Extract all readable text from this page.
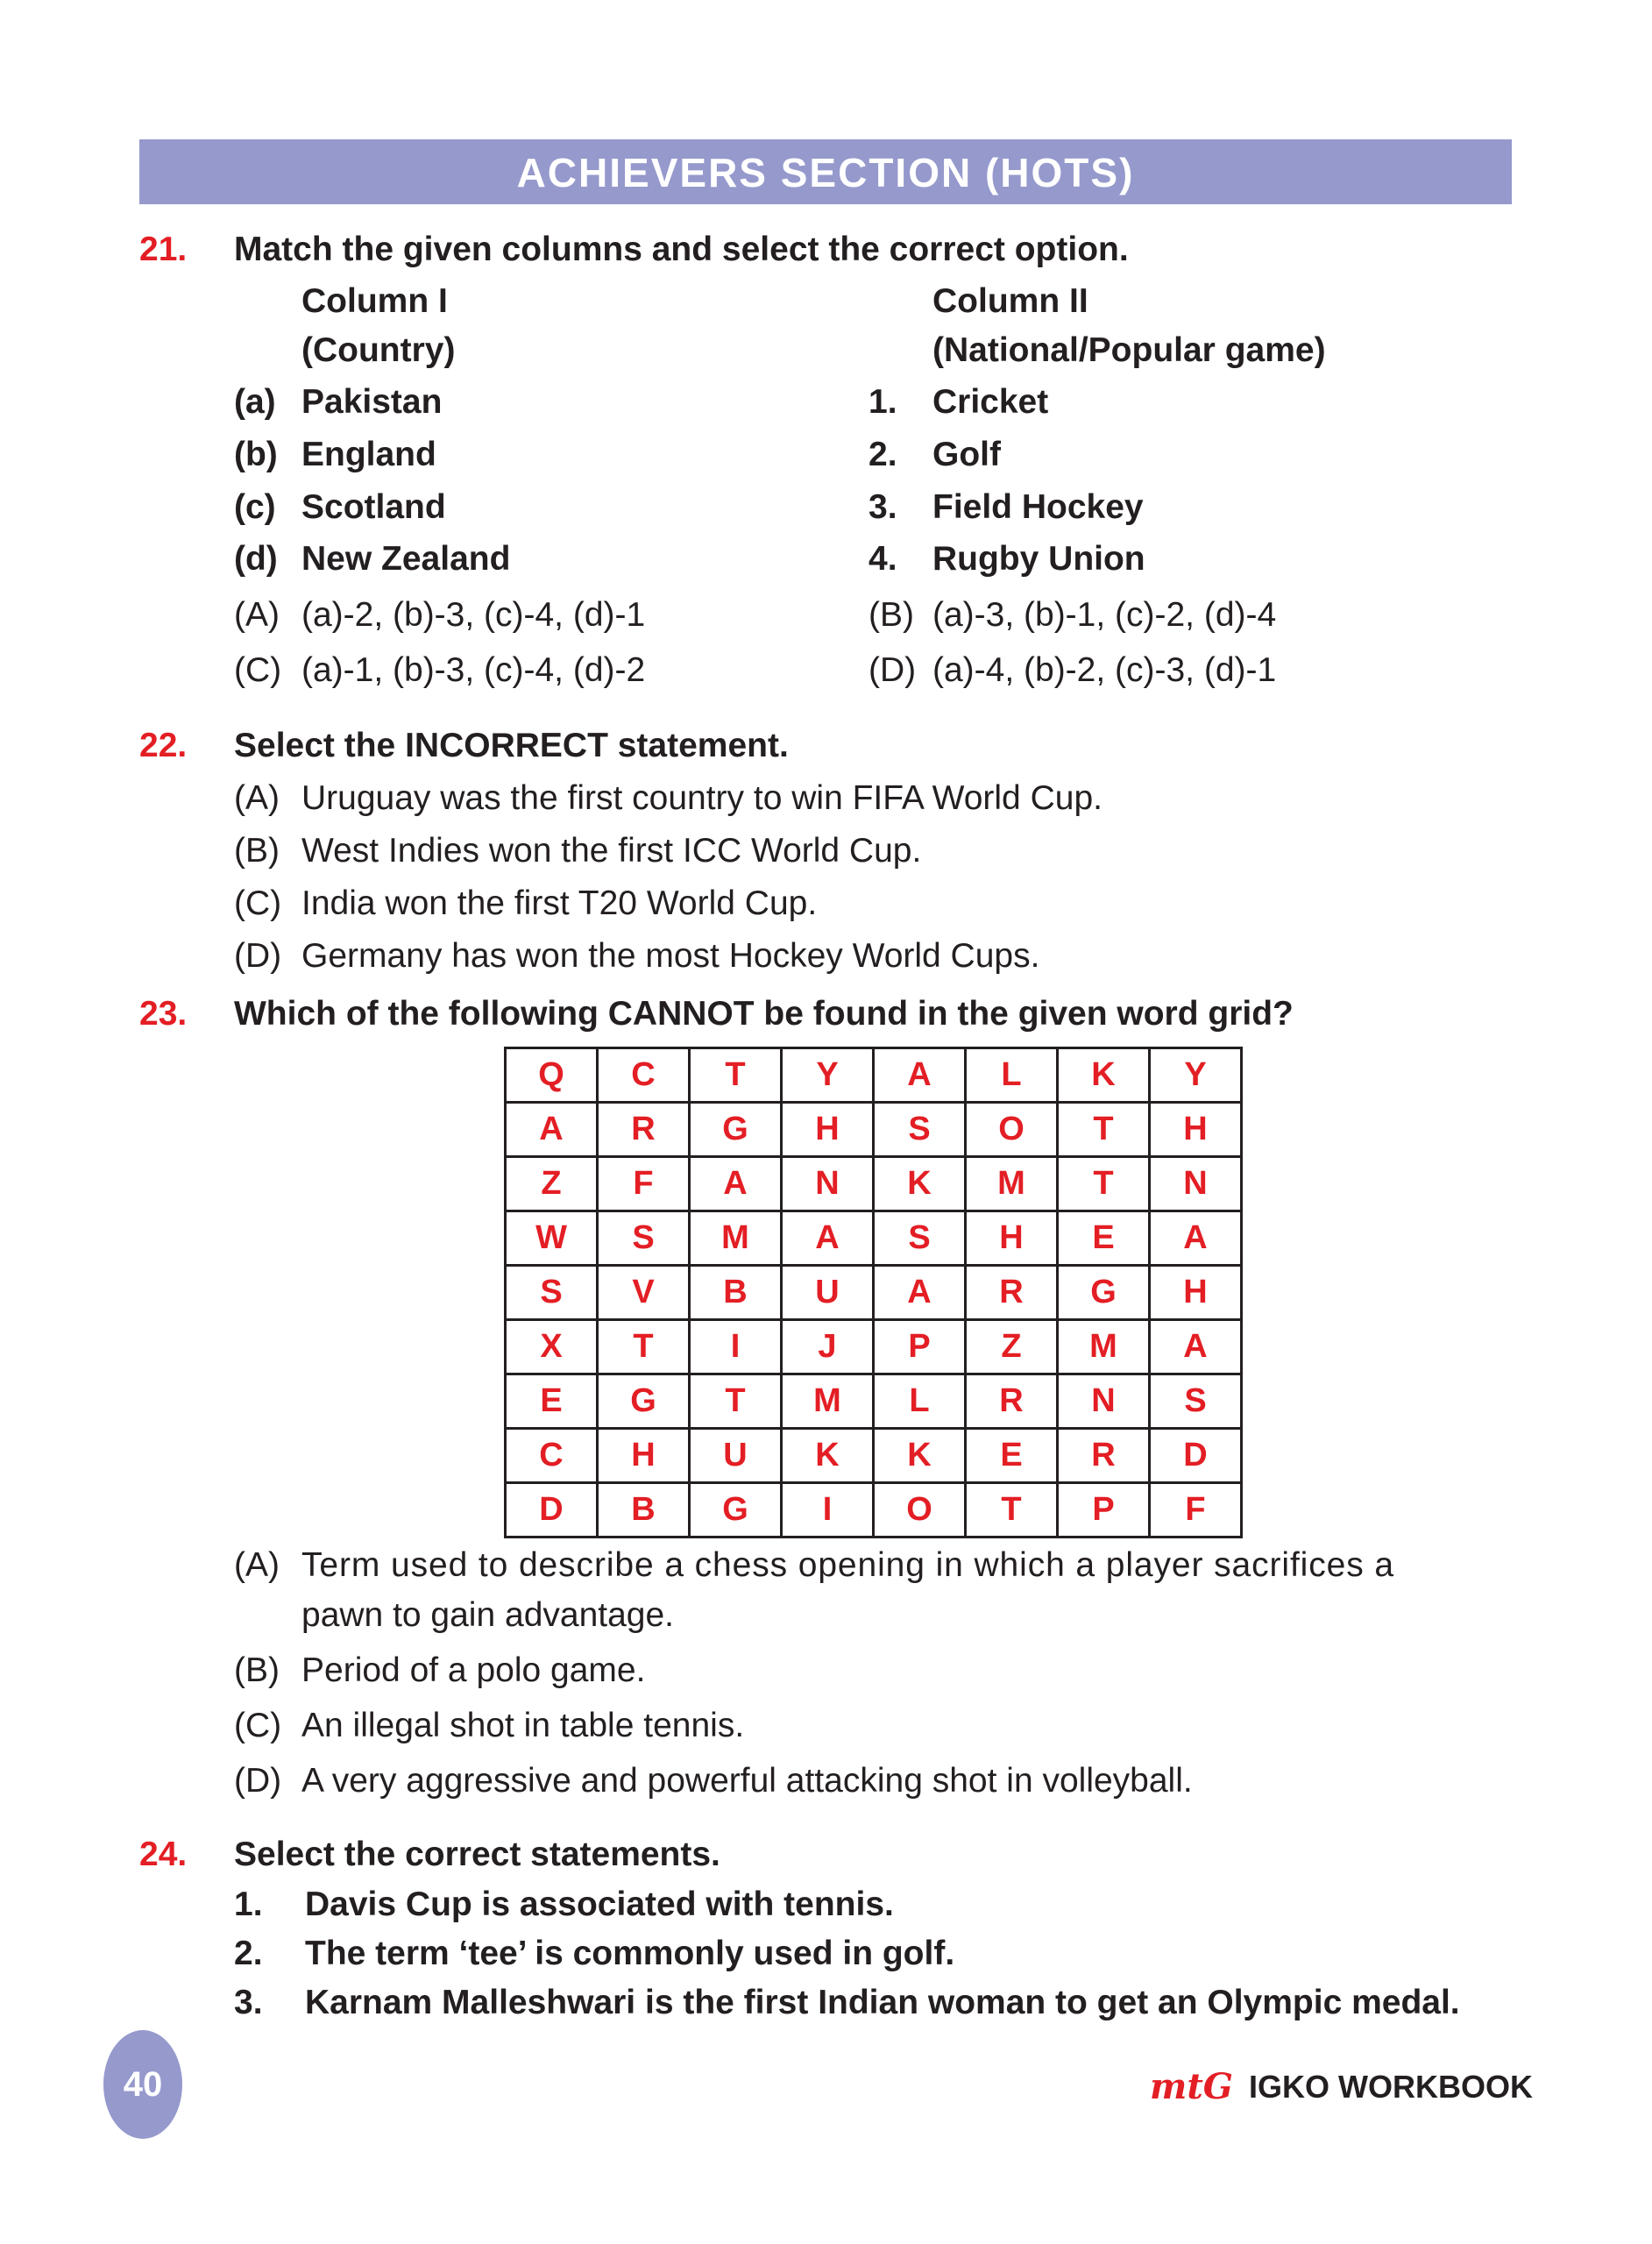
ACHIEVERS SECTION (HOTS)
21. Match the given columns and select the correct option.
Column I
(Country)
Column II
(National/Popular game)
(a) Pakistan	1. Cricket
(b) England	2. Golf
(c) Scotland	3. Field Hockey
(d) New Zealand	4. Rugby Union
(A) (a)-2, (b)-3, (c)-4, (d)-1	(B) (a)-3, (b)-1, (c)-2, (d)-4
(C) (a)-1, (b)-3, (c)-4, (d)-2	(D) (a)-4, (b)-2, (c)-3, (d)-1
22. Select the INCORRECT statement.
(A) Uruguay was the first country to win FIFA World Cup.
(B) West Indies won the first ICC World Cup.
(C) India won the first T20 World Cup.
(D) Germany has won the most Hockey World Cups.
23. Which of the following CANNOT be found in the given word grid?
Q	C	T	Y	A	L	K	Y
A	R	G	H	S	O	T	H
Z	F	A	N	K	M	T	N
W	S	M	A	S	H	E	A
S	V	B	U	A	R	G	H
X	T	I	J	P	Z	M	A
E	G	T	M	L	R	N	S
C	H	U	K	K	E	R	D
D	B	G	I	O	T	P	F
(A) Term used to describe a chess opening in which a player sacrifices a
pawn to gain advantage.
(B) Period of a polo game.
(C) An illegal shot in table tennis.
(D) A very aggressive and powerful attacking shot in volleyball.
24. Select the correct statements.
1. Davis Cup is associated with tennis.
2. The term ‘tee’ is commonly used in golf.
3. Karnam Malleshwari is the first Indian woman to get an Olympic medal.
40	mtG IGKO WORKBOOK
